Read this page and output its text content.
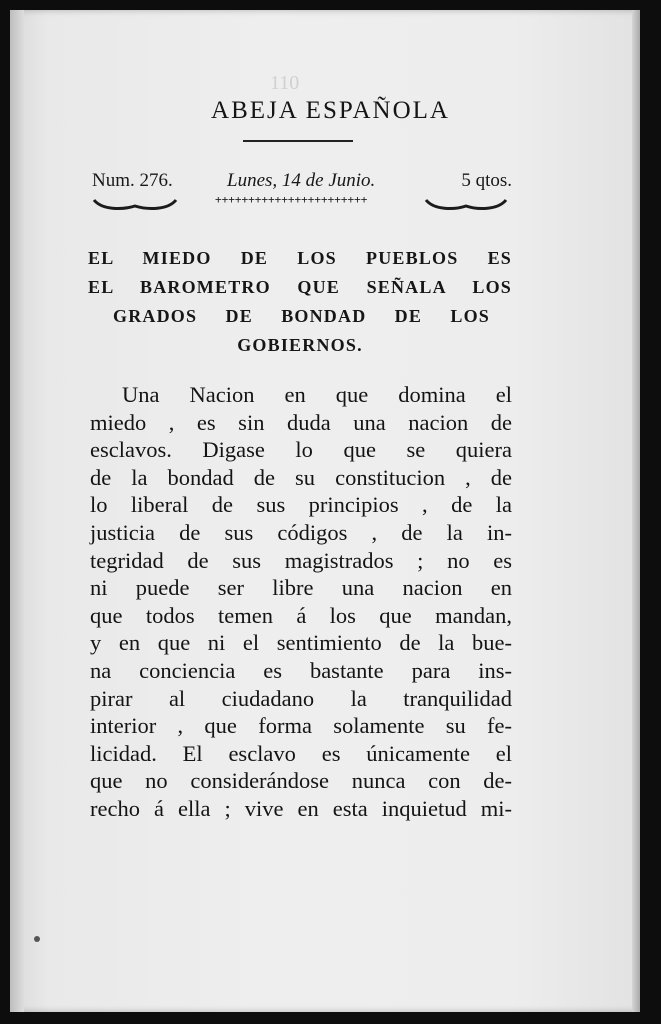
110
ABEJA ESPAÑOLA
Num. 276.	Lunes, 14 de Junio.	5 qtos.
+++++++++++++++++++++++
EL MIEDO DE LOS PUEBLOS ES
EL BAROMETRO QUE SEÑALA LOS
GRADOS DE BONDAD DE LOS
GOBIERNOS.
Una Nacion en que domina el
miedo , es sin duda una nacion de
esclavos. Digase lo que se quiera
de la bondad de su constitucion , de
lo liberal de sus principios , de la
justicia de sus códigos , de la in-
tegridad de sus magistrados ; no es
ni puede ser libre una nacion en
que todos temen á los que mandan,
y en que ni el sentimiento de la bue-
na conciencia es bastante para ins-
pirar al ciudadano la tranquilidad
interior , que forma solamente su fe-
licidad. El esclavo es únicamente el
que no considerándose nunca con de-
recho á ella ; vive en esta inquietud mi-
